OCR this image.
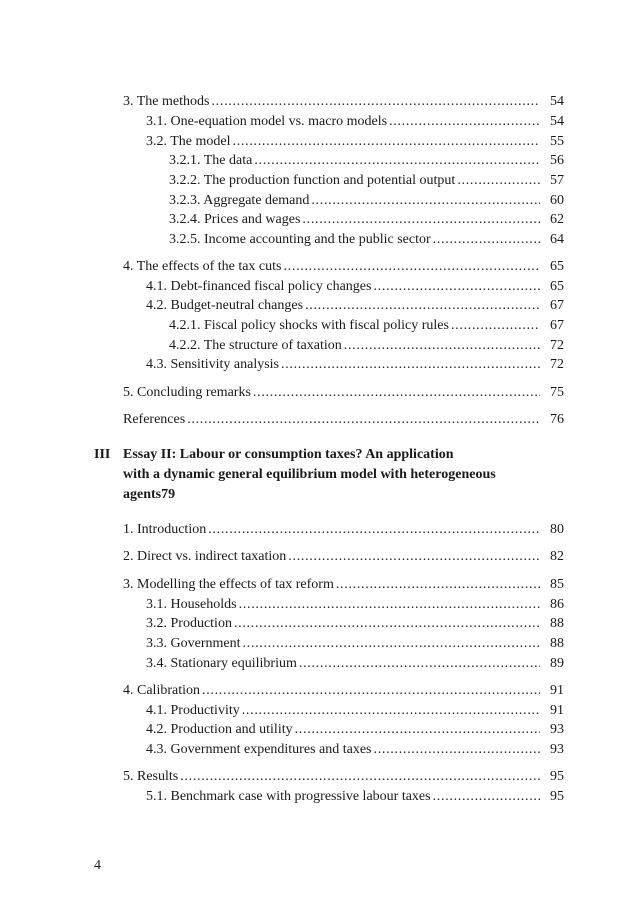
3. The methods . . .	54
3.1. One-equation model vs. macro models . . .	54
3.2. The model . . .	55
3.2.1. The data . . .	56
3.2.2. The production function and potential output . . .	57
3.2.3. Aggregate demand . . .	60
3.2.4. Prices and wages . . .	62
3.2.5. Income accounting and the public sector . . .	64
4. The effects of the tax cuts . . .	65
4.1. Debt-financed fiscal policy changes . . .	65
4.2. Budget-neutral changes . . .	67
4.2.1. Fiscal policy shocks with fiscal policy rules . . .	67
4.2.2. The structure of taxation . . .	72
4.3. Sensitivity analysis . . .	72
5. Concluding remarks . . .	75
References . . .	76
III Essay II: Labour or consumption taxes? An application
with a dynamic general equilibrium model with heterogeneous
agents 79
1. Introduction . . .	80
2. Direct vs. indirect taxation . . .	82
3. Modelling the effects of tax reform . . .	85
3.1. Households . . .	86
3.2. Production . . .	88
3.3. Government . . .	88
3.4. Stationary equilibrium . . .	89
4. Calibration . . .	91
4.1. Productivity . . .	91
4.2. Production and utility . . .	93
4.3. Government expenditures and taxes . . .	93
5. Results . . .	95
5.1. Benchmark case with progressive labour taxes . . .	95
4
